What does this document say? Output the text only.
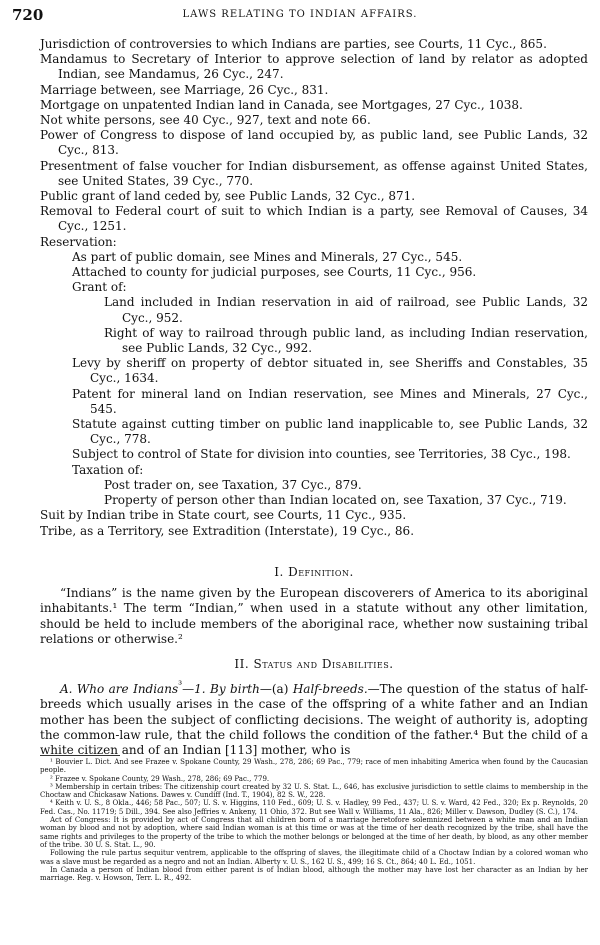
720	LAWS RELATING TO INDIAN AFFAIRS.
Jurisdiction of controversies to which Indians are parties, see Courts, 11 Cyc., 865.
Mandamus to Secretary of Interior to approve selection of land by relator as adopted Indian, see Mandamus, 26 Cyc., 247.
Marriage between, see Marriage, 26 Cyc., 831.
Mortgage on unpatented Indian land in Canada, see Mortgages, 27 Cyc., 1038.
Not white persons, see 40 Cyc., 927, text and note 66.
Power of Congress to dispose of land occupied by, as public land, see Public Lands, 32 Cyc., 813.
Presentment of false voucher for Indian disbursement, as offense against United States, see United States, 39 Cyc., 770.
Public grant of land ceded by, see Public Lands, 32 Cyc., 871.
Removal to Federal court of suit to which Indian is a party, see Removal of Causes, 34 Cyc., 1251.
Reservation:
As part of public domain, see Mines and Minerals, 27 Cyc., 545.
Attached to county for judicial purposes, see Courts, 11 Cyc., 956.
Grant of:
Land included in Indian reservation in aid of railroad, see Public Lands, 32 Cyc., 952.
Right of way to railroad through public land, as including Indian reservation, see Public Lands, 32 Cyc., 992.
Levy by sheriff on property of debtor situated in, see Sheriffs and Constables, 35 Cyc., 1634.
Patent for mineral land on Indian reservation, see Mines and Minerals, 27 Cyc., 545.
Statute against cutting timber on public land inapplicable to, see Public Lands, 32 Cyc., 778.
Subject to control of State for division into counties, see Territories, 38 Cyc., 198.
Taxation of:
Post trader on, see Taxation, 37 Cyc., 879.
Property of person other than Indian located on, see Taxation, 37 Cyc., 719.
Suit by Indian tribe in State court, see Courts, 11 Cyc., 935.
Tribe, as a Territory, see Extradition (Interstate), 19 Cyc., 86.
I. Definition.

“Indians” is the name given by the European discoverers of America to its aboriginal inhabitants.¹ The term “Indian,” when used in a statute without any other limitation, should be held to include members of the aboriginal race, whether now sustaining tribal relations or otherwise.²

II. Status and Disabilities.

A. Who are Indians$^{^3}$—1. By birth—(a) Half-breeds.—The question of the status of half-breeds which usually arises in the case of the offspring of a white father and an Indian mother has been the subject of conflicting decisions. The weight of authority is, adopting the common-law rule, that the child follows the condition of the father.⁴ But the child of a white citizen and of an Indian [113] mother, who is

¹ Bouvier L. Dict. And see Frazee v. Spokane County, 29 Wash., 278, 286; 69 Pac., 779; race of men inhabiting America when found by the Caucasian people.
² Frazee v. Spokane County, 29 Wash., 278, 286; 69 Pac., 779.
³ Membership in certain tribes: The citizenship court created by 32 U. S. Stat. L., 646, has exclusive jurisdiction to settle claims to membership in the Choctaw and Chickasaw Nations. Dawes v. Cundiff (Ind. T., 1904), 82 S. W., 228.
⁴ Keith v. U. S., 8 Okla., 446; 58 Pac., 507; U. S. v. Higgins, 110 Fed., 609; U. S. v. Hadley, 99 Fed., 437; U. S. v. Ward, 42 Fed., 320; Ex p. Reynolds, 20 Fed. Cas., No. 11719; 5 Dill., 394. See also Jeffries v. Ankeny, 11 Ohio, 372. But see Wall v. Williams, 11 Ala., 826; Miller v. Dawson, Dudley (S. C.), 174.
Act of Congress: It is provided by act of Congress that all children born of a marriage heretofore solemnized between a white man and an Indian woman by blood and not by adoption, where said Indian woman is at this time or was at the time of her death recognized by the tribe, shall have the same rights and privileges to the property of the tribe to which the mother belongs or belonged at the time of her death, by blood, as any other member of the tribe. 30 U. S. Stat. L., 90.
Following the rule partus sequitur ventrem, applicable to the offspring of slaves, the illegitimate child of a Choctaw Indian by a colored woman who was a slave must be regarded as a negro and not an Indian. Alberty v. U. S., 162 U. S., 499; 16 S. Ct., 864; 40 L. Ed., 1051.
In Canada a person of Indian blood from either parent is of Indian blood, although the mother may have lost her character as an Indian by her marriage. Reg. v. Howson, Terr. L. R., 492.
